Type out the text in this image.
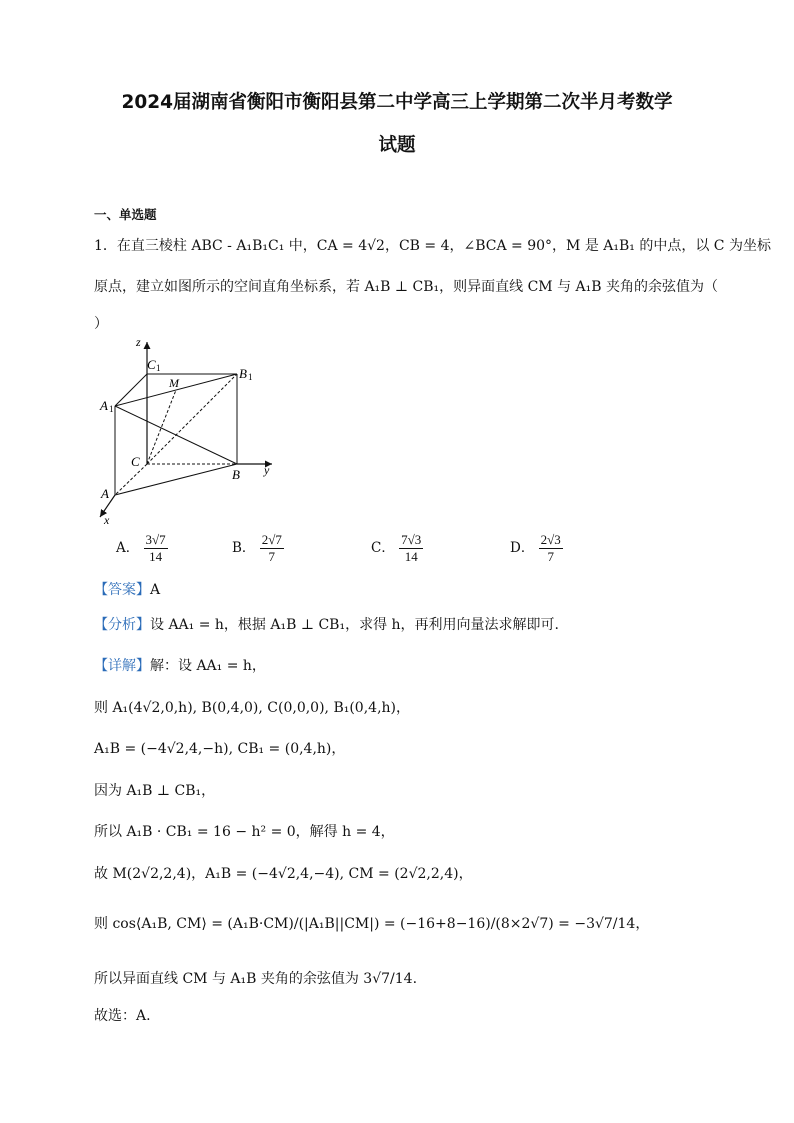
2024届湖南省衡阳市衡阳县第二中学高三上学期第二次半月考数学
试题
一、单选题
1．在直三棱柱 ABC - A₁B₁C₁ 中，CA = 4√2，CB = 4，∠BCA = 90°，M 是 A₁B₁ 的中点，以 C 为坐标
原点，建立如图所示的空间直角坐标系，若 A₁B ⊥ CB₁，则异面直线 CM 与 A₁B 夹角的余弦值为（
）
z
y
x
C 1	B 1
A 1
M
C
B
A
A． $\frac{3√7}{14}$	B． $\frac{2√7}{7}$	C． $\frac{7√3}{14}$	D． $\frac{2√3}{7}$
【答案】A
【分析】设 AA₁ = h，根据 A₁B ⊥ CB₁，求得 h，再利用向量法求解即可.
【详解】解：设 AA₁ = h，
则 A₁(4√2,0,h), B(0,4,0), C(0,0,0), B₁(0,4,h)，
A₁B = (−4√2,4,−h), CB₁ = (0,4,h)，
因为 A₁B ⊥ CB₁，
所以 A₁B · CB₁ = 16 − h² = 0，解得 h = 4，
故 M(2√2,2,4)，A₁B = (−4√2,4,−4), CM = (2√2,2,4)，
则 cos⟨A₁B, CM⟩ = (A₁B·CM)/(|A₁B||CM|) = (−16+8−16)/(8×2√7) = −3√7/14，
所以异面直线 CM 与 A₁B 夹角的余弦值为 3√7/14.
故选：A.
